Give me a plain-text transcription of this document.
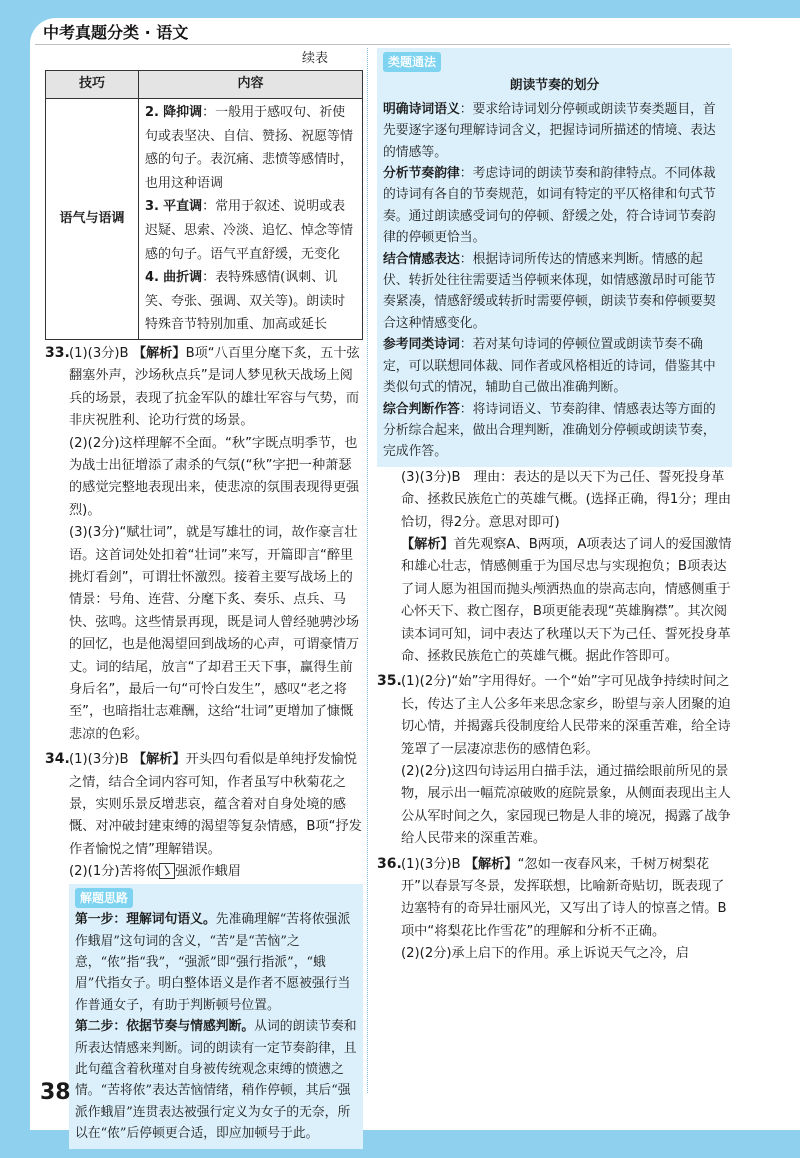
中考真题分类 · 语文
续表
技巧	内容
语气与语调	2. 降抑调：一般用于感叹句、祈使句或表坚决、自信、赞扬、祝愿等情感的句子。表沉痛、悲愤等感情时，也用这种语调
3. 平直调：常用于叙述、说明或表迟疑、思索、冷淡、追忆、悼念等情感的句子。语气平直舒缓，无变化
4. 曲折调：表特殊感情(讽刺、讥笑、夸张、强调、双关等)。朗读时特殊音节特别加重、加高或延长

33.(1)(3分)B 【解析】B项“八百里分麾下炙，五十弦翻塞外声，沙场秋点兵”是词人梦见秋天战场上阅兵的场景，表现了抗金军队的雄壮军容与气势，而非庆祝胜利、论功行赏的场景。

(2)(2分)这样理解不全面。“秋”字既点明季节，也为战士出征增添了肃杀的气氛(“秋”字把一种萧瑟的感觉完整地表现出来，使悲凉的氛围表现得更强烈)。

(3)(3分)“赋壮词”，就是写雄壮的词，故作豪言壮语。这首词处处扣着“壮词”来写，开篇即言“醉里挑灯看剑”，可谓壮怀激烈。接着主要写战场上的情景：号角、连营、分麾下炙、奏乐、点兵、马快、弦鸣。这些情景再现，既是词人曾经驰骋沙场的回忆，也是他渴望回到战场的心声，可谓豪情万丈。词的结尾，放言“了却君王天下事，赢得生前身后名”，最后一句“可怜白发生”，感叹“老之将至”，也暗指壮志难酬，这给“壮词”更增加了慷慨悲凉的色彩。

34.(1)(3分)B 【解析】开头四句看似是单纯抒发愉悦之情，结合全词内容可知，作者虽写中秋菊花之景，实则乐景反增悲哀，蕴含着对自身处境的感慨、对冲破封建束缚的渴望等复杂情感，B项“抒发作者愉悦之情”理解错误。

(2)(1分)苦将侬 强派作蛾眉

解题思路

第一步：理解词句语义。先准确理解“苦将侬强派作蛾眉”这句词的含义，“苦”是“苦恼”之意，“侬”指“我”，“强派”即“强行指派”，“蛾眉”代指女子。明白整体语义是作者不愿被强行当作普通女子，有助于判断顿号位置。

第二步：依据节奏与情感判断。从词的朗读节奏和所表达情感来判断。词的朗读有一定节奏韵律，且此句蕴含着秋瑾对自身被传统观念束缚的愤懑之情。“苦将侬”表达苦恼情绪，稍作停顿，其后“强派作蛾眉”连贯表达被强行定义为女子的无奈，所以在“侬”后停顿更合适，即应加顿号于此。

类题通法
朗读节奏的划分

明确诗词语义：要求给诗词划分停顿或朗读节奏类题目，首先要逐字逐句理解诗词含义，把握诗词所描述的情境、表达的情感等。

分析节奏韵律：考虑诗词的朗读节奏和韵律特点。不同体裁的诗词有各自的节奏规范，如词有特定的平仄格律和句式节奏。通过朗读感受词句的停顿、舒缓之处，符合诗词节奏韵律的停顿更恰当。

结合情感表达：根据诗词所传达的情感来判断。情感的起伏、转折处往往需要适当停顿来体现，如情感激昂时可能节奏紧凑，情感舒缓或转折时需要停顿，朗读节奏和停顿要契合这种情感变化。

参考同类诗词：若对某句诗词的停顿位置或朗读节奏不确定，可以联想同体裁、同作者或风格相近的诗词，借鉴其中类似句式的情况，辅助自己做出准确判断。

综合判断作答：将诗词语义、节奏韵律、情感表达等方面的分析综合起来，做出合理判断，准确划分停顿或朗读节奏，完成作答。

(3)(3分)B　理由：表达的是以天下为己任、誓死投身革命、拯救民族危亡的英雄气概。(选择正确，得1分；理由恰切，得2分。意思对即可)

【解析】首先观察A、B两项，A项表达了词人的爱国激情和雄心壮志，情感侧重于为国尽忠与实现抱负；B项表达了词人愿为祖国而抛头颅洒热血的崇高志向，情感侧重于心怀天下、救亡图存，B项更能表现“英雄胸襟”。其次阅读本词可知，词中表达了秋瑾以天下为己任、誓死投身革命、拯救民族危亡的英雄气概。据此作答即可。

35.(1)(2分)“始”字用得好。一个“始”字可见战争持续时间之长，传达了主人公多年来思念家乡，盼望与亲人团聚的迫切心情，并揭露兵役制度给人民带来的深重苦难，给全诗笼罩了一层凄凉悲伤的感情色彩。

(2)(2分)这四句诗运用白描手法，通过描绘眼前所见的景物，展示出一幅荒凉破败的庭院景象，从侧面表现出主人公从军时间之久，家园现已物是人非的境况，揭露了战争给人民带来的深重苦难。

36.(1)(3分)B 【解析】“忽如一夜春风来，千树万树梨花开”以春景写冬景，发挥联想，比喻新奇贴切，既表现了边塞特有的奇异壮丽风光，又写出了诗人的惊喜之情。B项中“将梨花比作雪花”的理解和分析不正确。

(2)(2分)承上启下的作用。承上诉说天气之冷，启

38
